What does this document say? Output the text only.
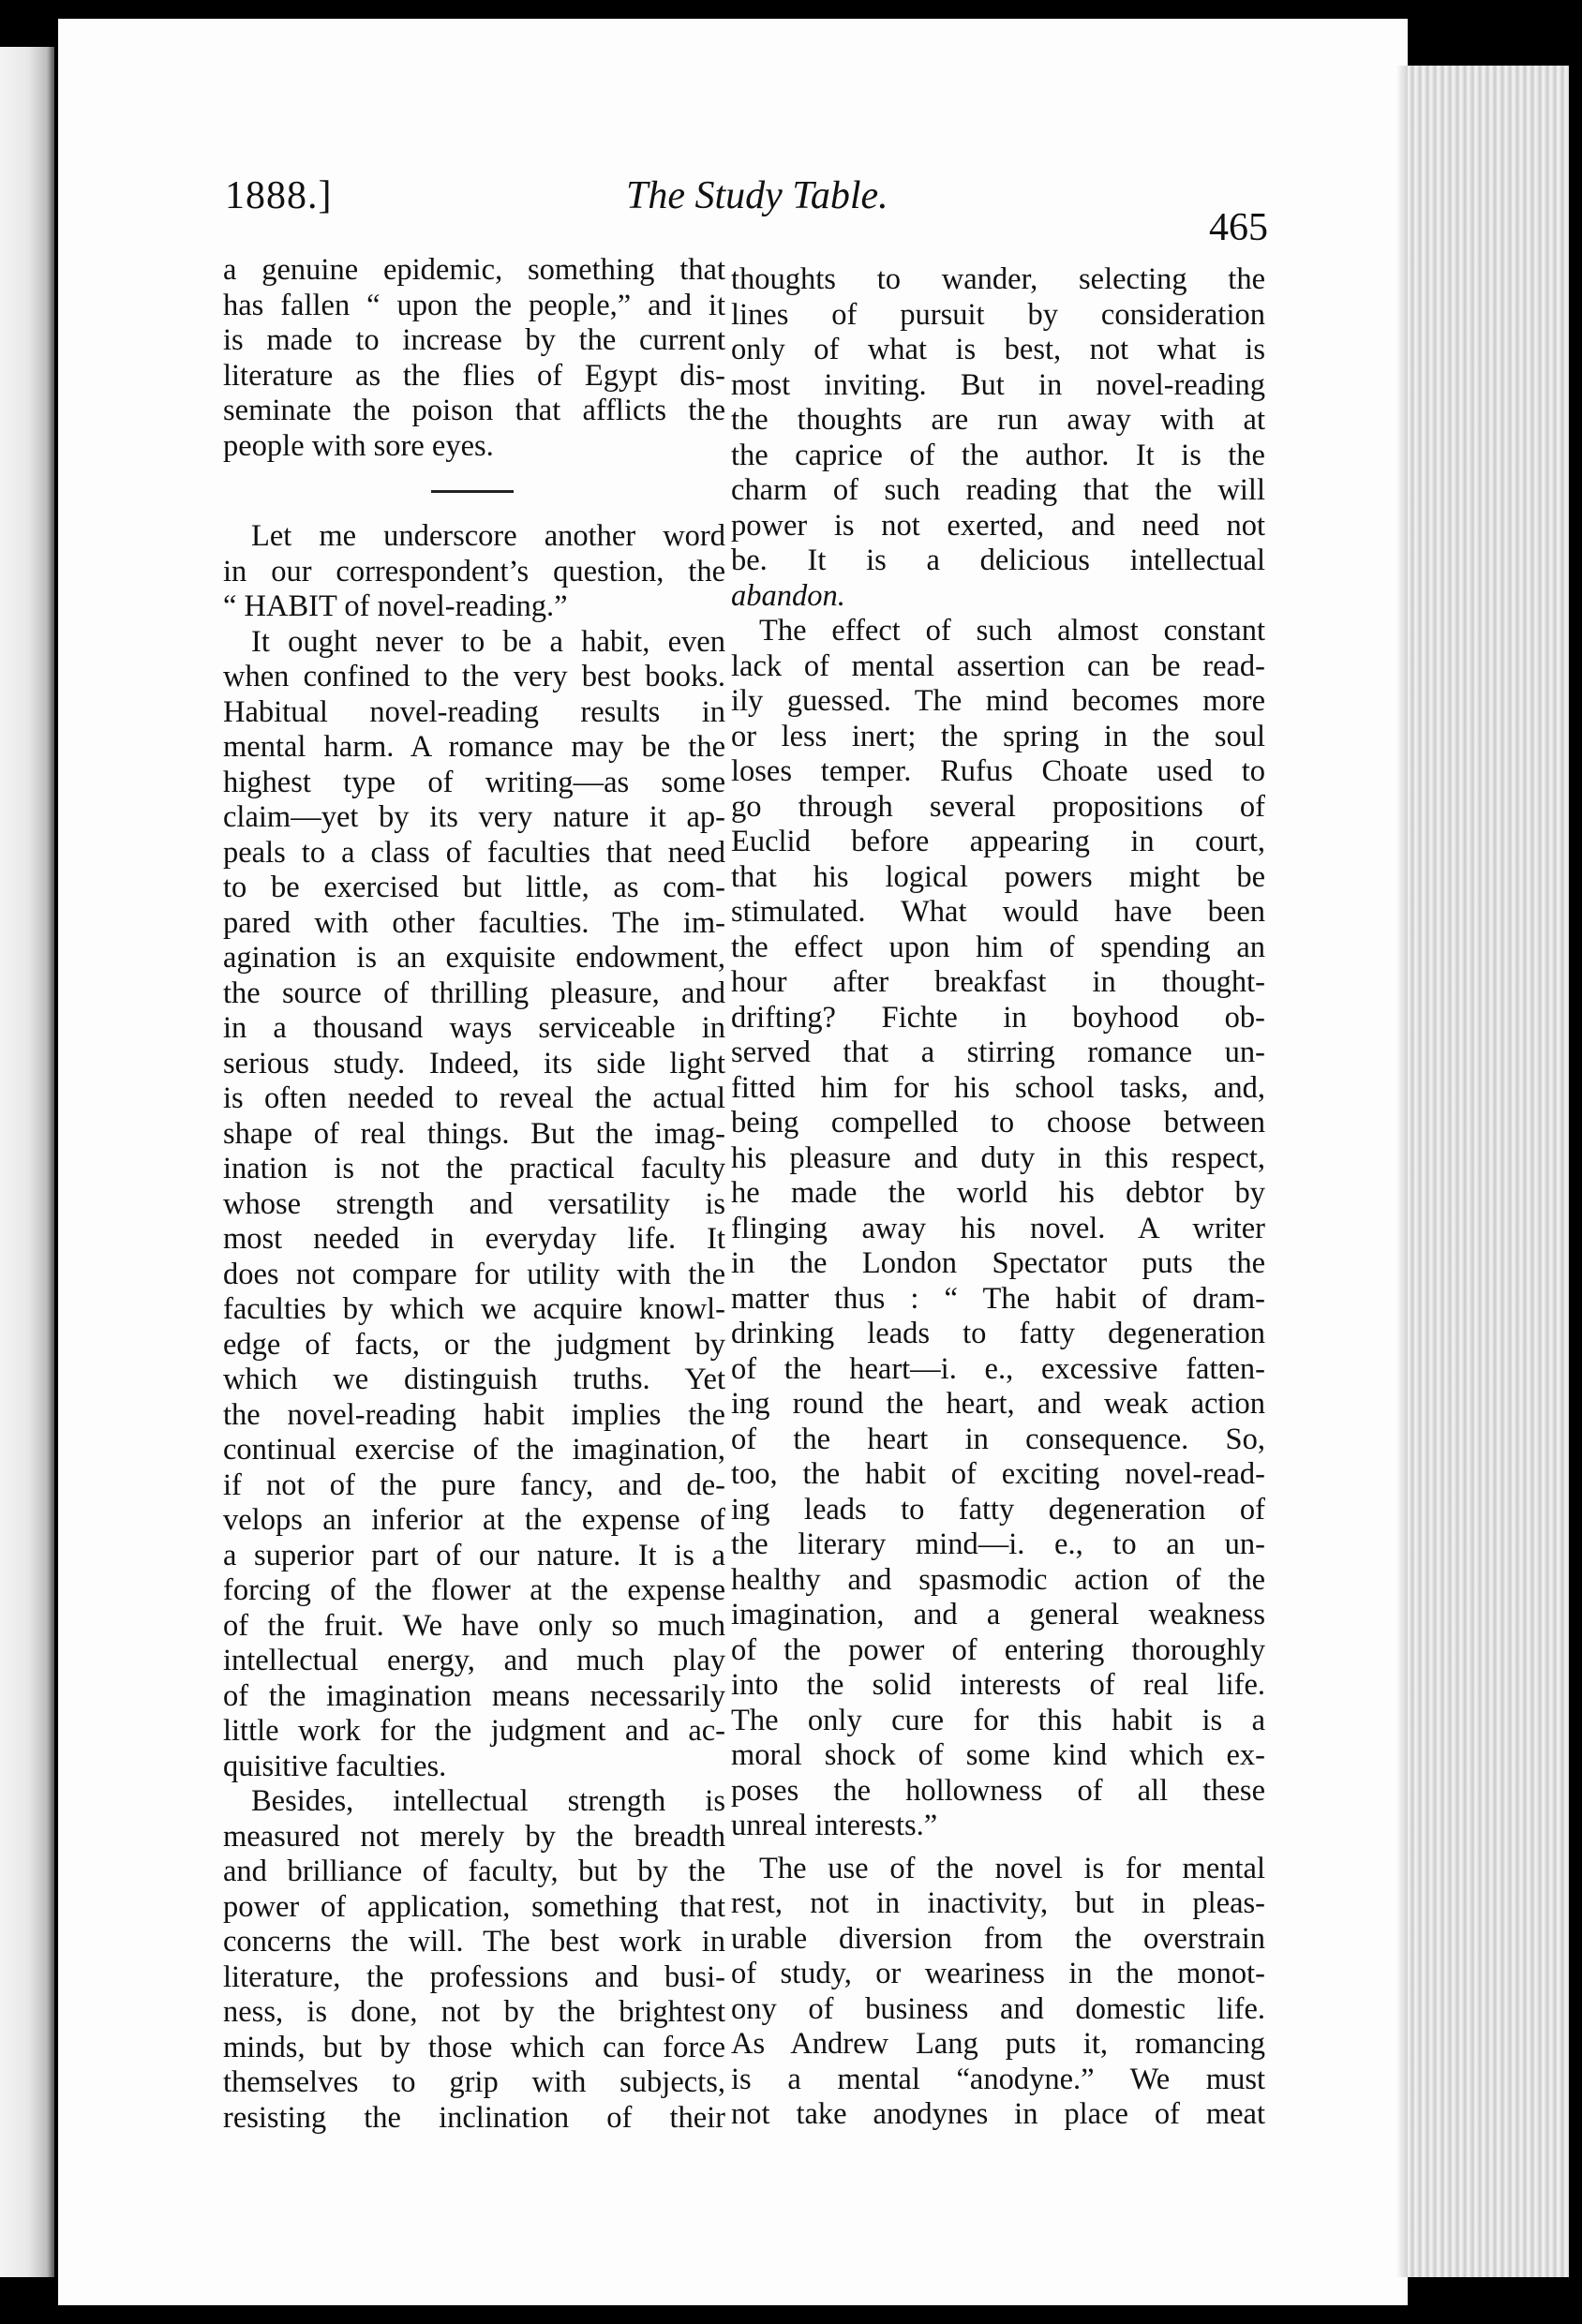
1888.]	The Study Table.
465
a genuine epidemic, something that
has fallen “ upon the people,” and it
is made to increase by the current
literature as the flies of Egypt dis-
seminate the poison that afflicts the
people with sore eyes.
Let me underscore another word
in our correspondent’s question, the
“ HABIT of novel-reading.”
It ought never to be a habit, even
when confined to the very best books.
Habitual novel-reading results in
mental harm. A romance may be the
highest type of writing—as some
claim—yet by its very nature it ap-
peals to a class of faculties that need
to be exercised but little, as com-
pared with other faculties. The im-
agination is an exquisite endowment,
the source of thrilling pleasure, and
in a thousand ways serviceable in
serious study. Indeed, its side light
is often needed to reveal the actual
shape of real things. But the imag-
ination is not the practical faculty
whose strength and versatility is
most needed in everyday life. It
does not compare for utility with the
faculties by which we acquire knowl-
edge of facts, or the judgment by
which we distinguish truths. Yet
the novel-reading habit implies the
continual exercise of the imagination,
if not of the pure fancy, and de-
velops an inferior at the expense of
a superior part of our nature. It is a
forcing of the flower at the expense
of the fruit. We have only so much
intellectual energy, and much play
of the imagination means necessarily
little work for the judgment and ac-
quisitive faculties.
Besides, intellectual strength is
measured not merely by the breadth
and brilliance of faculty, but by the
power of application, something that
concerns the will. The best work in
literature, the professions and busi-
ness, is done, not by the brightest
minds, but by those which can force
themselves to grip with subjects,
resisting the inclination of their
thoughts to wander, selecting the
lines of pursuit by consideration
only of what is best, not what is
most inviting. But in novel-reading
the thoughts are run away with at
the caprice of the author. It is the
charm of such reading that the will
power is not exerted, and need not
be. It is a delicious intellectual
abandon.
The effect of such almost constant
lack of mental assertion can be read-
ily guessed. The mind becomes more
or less inert; the spring in the soul
loses temper. Rufus Choate used to
go through several propositions of
Euclid before appearing in court,
that his logical powers might be
stimulated. What would have been
the effect upon him of spending an
hour after breakfast in thought-
drifting? Fichte in boyhood ob-
served that a stirring romance un-
fitted him for his school tasks, and,
being compelled to choose between
his pleasure and duty in this respect,
he made the world his debtor by
flinging away his novel. A writer
in the London Spectator puts the
matter thus : “ The habit of dram-
drinking leads to fatty degeneration
of the heart—i. e., excessive fatten-
ing round the heart, and weak action
of the heart in consequence. So,
too, the habit of exciting novel-read-
ing leads to fatty degeneration of
the literary mind—i. e., to an un-
healthy and spasmodic action of the
imagination, and a general weakness
of the power of entering thoroughly
into the solid interests of real life.
The only cure for this habit is a
moral shock of some kind which ex-
poses the hollowness of all these
unreal interests.”
The use of the novel is for mental
rest, not in inactivity, but in pleas-
urable diversion from the overstrain
of study, or weariness in the monot-
ony of business and domestic life.
As Andrew Lang puts it, romancing
is a mental “anodyne.” We must
not take anodynes in place of meat
